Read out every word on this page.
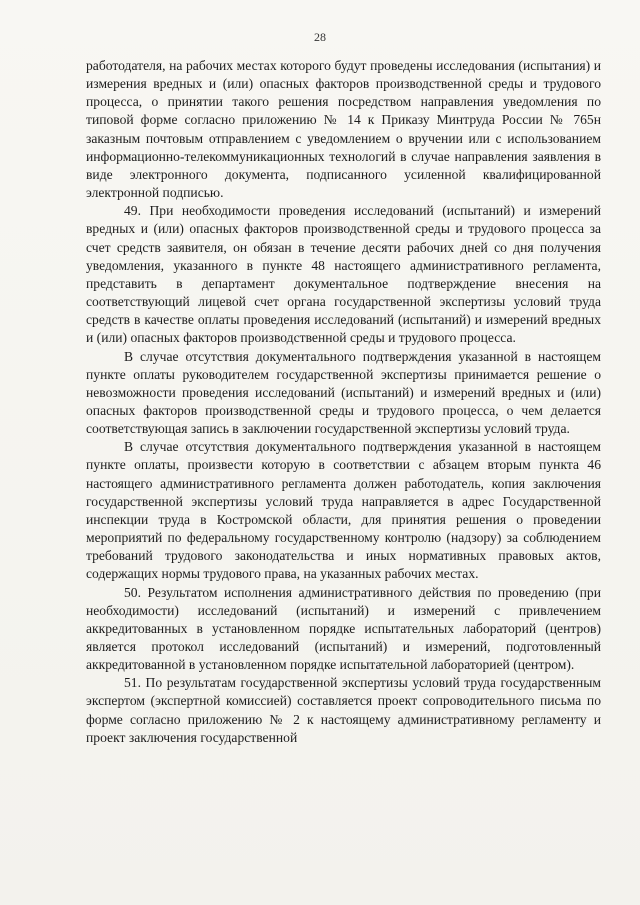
28

работодателя, на рабочих местах которого будут проведены исследования (испытания) и измерения вредных и (или) опасных факторов производственной среды и трудового процесса, о принятии такого решения посредством направления уведомления по типовой форме согласно приложению № 14 к Приказу Минтруда России № 765н заказным почтовым отправлением с уведомлением о вручении или с использованием информационно-телекоммуникационных технологий в случае направления заявления в виде электронного документа, подписанного усиленной квалифицированной электронной подписью.

49. При необходимости проведения исследований (испытаний) и измерений вредных и (или) опасных факторов производственной среды и трудового процесса за счет средств заявителя, он обязан в течение десяти рабочих дней со дня получения уведомления, указанного в пункте 48 настоящего административного регламента, представить в департамент документальное подтверждение внесения на соответствующий лицевой счет органа государственной экспертизы условий труда средств в качестве оплаты проведения исследований (испытаний) и измерений вредных и (или) опасных факторов производственной среды и трудового процесса.

В случае отсутствия документального подтверждения указанной в настоящем пункте оплаты руководителем государственной экспертизы принимается решение о невозможности проведения исследований (испытаний) и измерений вредных и (или) опасных факторов производственной среды и трудового процесса, о чем делается соответствующая запись в заключении государственной экспертизы условий труда.

В случае отсутствия документального подтверждения указанной в настоящем пункте оплаты, произвести которую в соответствии с абзацем вторым пункта 46 настоящего административного регламента должен работодатель, копия заключения государственной экспертизы условий труда направляется в адрес Государственной инспекции труда в Костромской области, для принятия решения о проведении мероприятий по федеральному государственному контролю (надзору) за соблюдением требований трудового законодательства и иных нормативных правовых актов, содержащих нормы трудового права, на указанных рабочих местах.

50. Результатом исполнения административного действия по проведению (при необходимости) исследований (испытаний) и измерений с привлечением аккредитованных в установленном порядке испытательных лабораторий (центров) является протокол исследований (испытаний) и измерений, подготовленный аккредитованной в установленном порядке испытательной лабораторией (центром).

51. По результатам государственной экспертизы условий труда государственным экспертом (экспертной комиссией) составляется проект сопроводительного письма по форме согласно приложению № 2 к настоящему административному регламенту и проект заключения государственной
